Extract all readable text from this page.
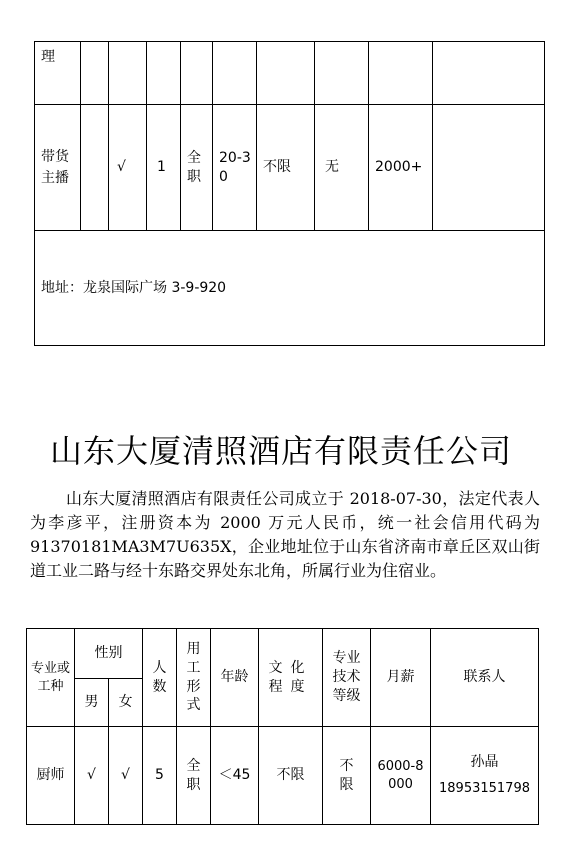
理									
带货主播		√	1	全职	20-30	不限	无	2000+	
地址：龙泉国际广场 3-9-920									
山东大厦清照酒店有限责任公司
山东大厦清照酒店有限责任公司成立于 2018-07-30，法定代表人为李彦平，注册资本为 2000 万元人民币，统一社会信用代码为 91370181MA3M7U635X，企业地址位于山东省济南市章丘区双山街道工业二路与经十东路交界处东北角，所属行业为住宿业。
专业或工种	性别		人数	用工形式	年龄	文化程度	专业技术等级	月薪	联系人
	男	女							
厨师	√	√	5	全职	＜45	不限	不限	6000-8000	孙晶
18953151798
